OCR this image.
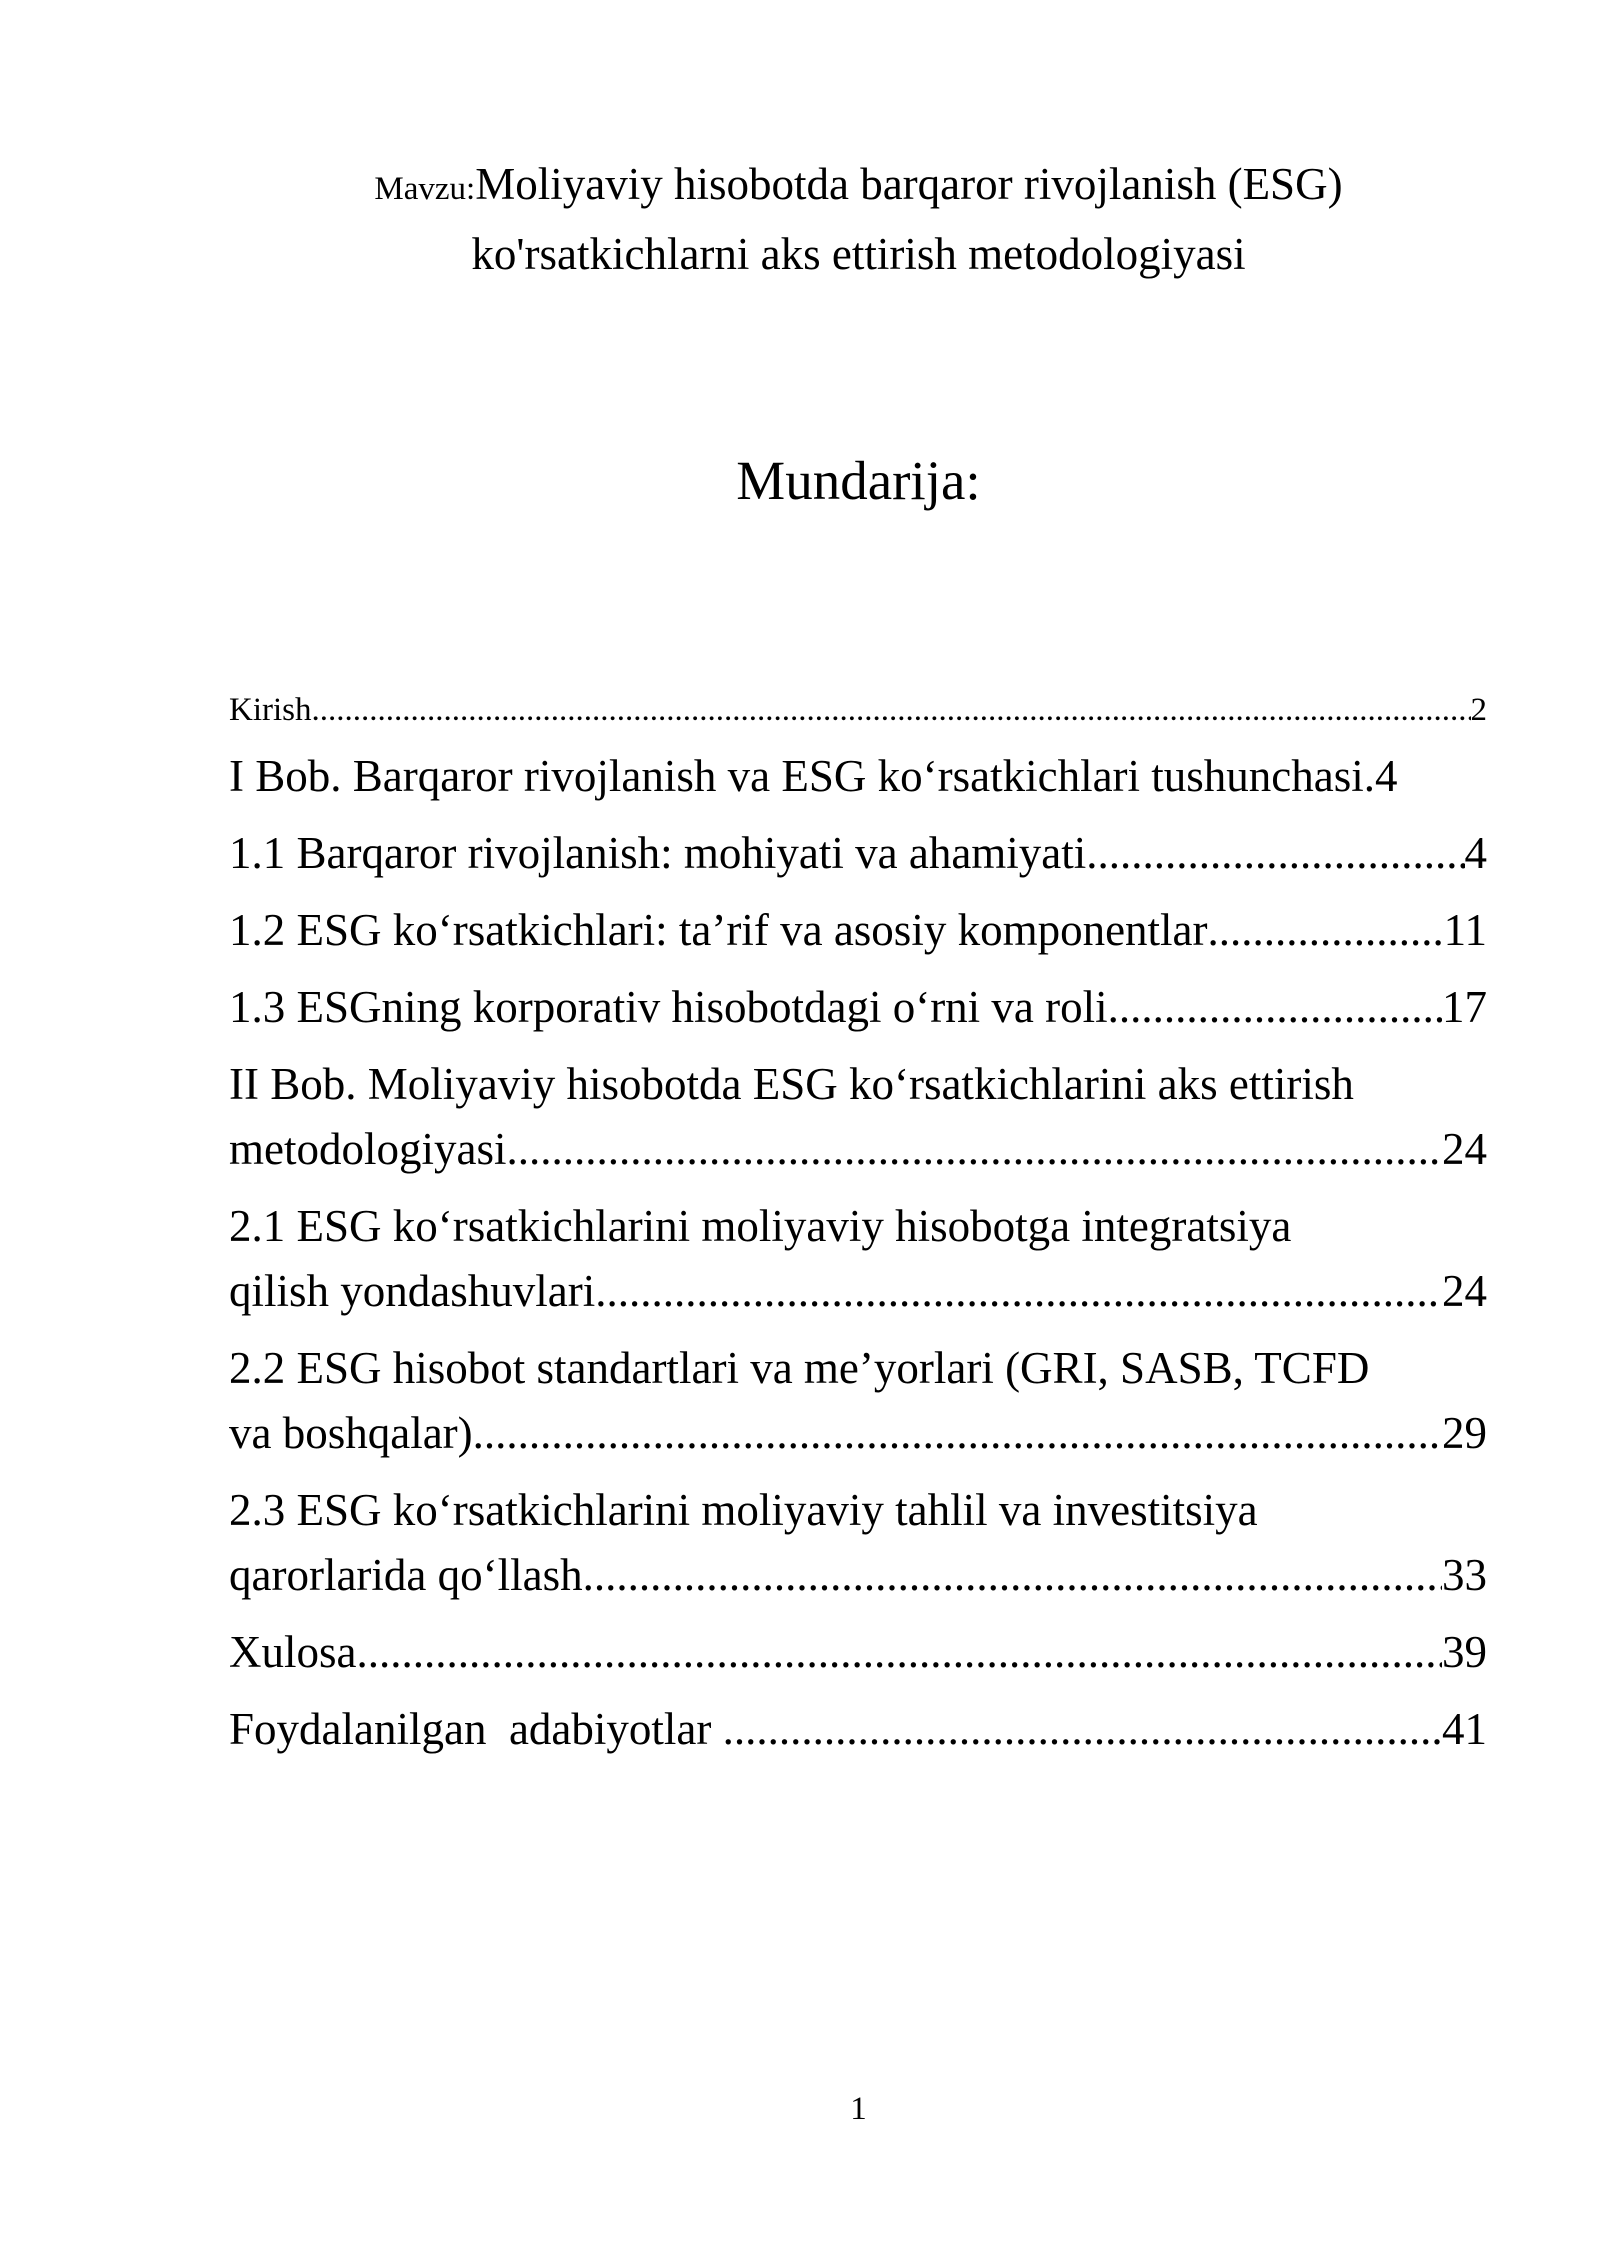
Mavzu:Moliyaviy hisobotda barqaror rivojlanish (ESG)
ko'rsatkichlarni aks ettirish metodologiyasi
Mundarija:
Kirish .....	2
I Bob. Barqaror rivojlanish va ESG ko‘rsatkichlari tushunchasi. 4
1.1 Barqaror rivojlanish: mohiyati va ahamiyati .....	4
1.2 ESG ko‘rsatkichlari: ta’rif va asosiy komponentlar .....	11
1.3 ESGning korporativ hisobotdagi o‘rni va roli .....	17
II Bob. Moliyaviy hisobotda ESG ko‘rsatkichlarini aks ettirish
metodologiyasi .....	24
2.1 ESG ko‘rsatkichlarini moliyaviy hisobotga integratsiya
qilish yondashuvlari .....	24
2.2 ESG hisobot standartlari va me’yorlari (GRI, SASB, TCFD
va boshqalar) .....	29
2.3 ESG ko‘rsatkichlarini moliyaviy tahlil va investitsiya
qarorlarida qo‘llash .....	33
Xulosa .....	39
Foydalanilgan  adabiyotlar .....	41
1
